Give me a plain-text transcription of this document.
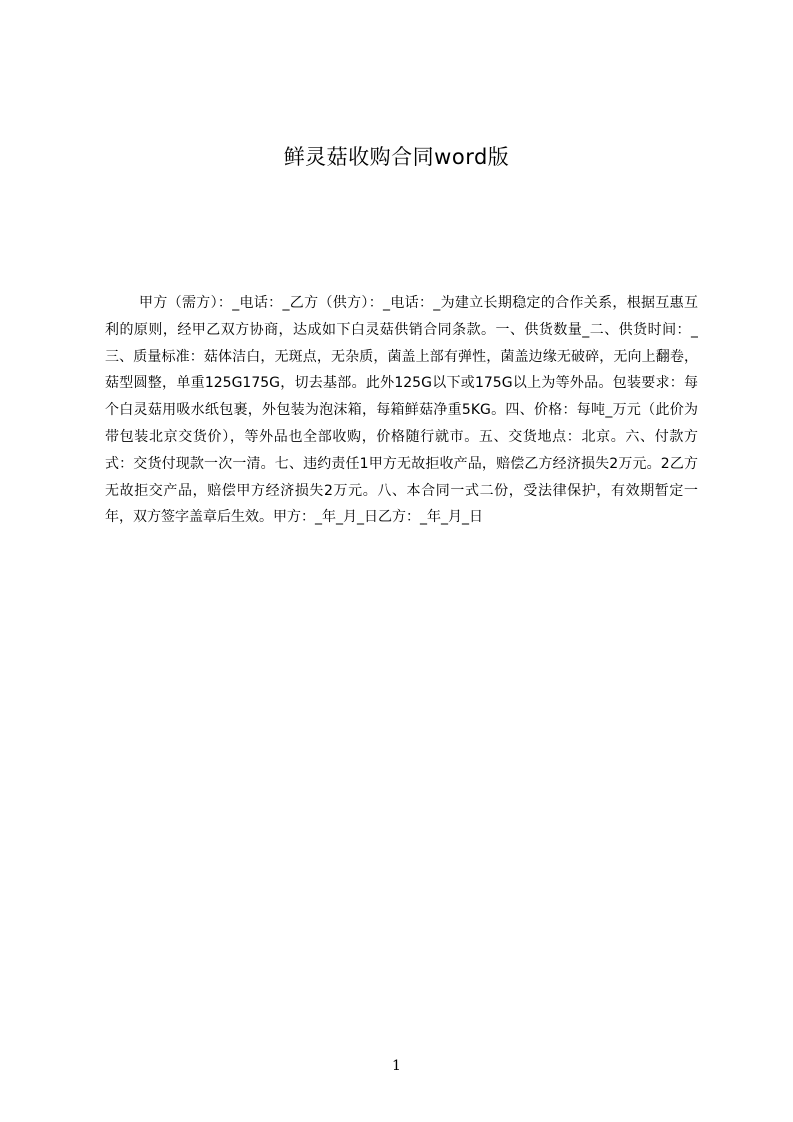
鲜灵菇收购合同word版

甲方（需方）：_电话：_乙方（供方）：_电话：_为建立长期稳定的合作关系，根据互惠互利的原则，经甲乙双方协商，达成如下白灵菇供销合同条款。一、供货数量_二、供货时间：_三、质量标准：菇体洁白，无斑点，无杂质，菌盖上部有弹性，菌盖边缘无破碎，无向上翻卷，菇型圆整，单重125G175G，切去基部。此外125G以下或175G以上为等外品。包装要求：每个白灵菇用吸水纸包裹，外包装为泡沫箱，每箱鲜菇净重5KG。四、价格：每吨_万元（此价为带包装北京交货价），等外品也全部收购，价格随行就市。五、交货地点：北京。六、付款方式：交货付现款一次一清。七、违约责任1甲方无故拒收产品，赔偿乙方经济损失2万元。2乙方无故拒交产品，赔偿甲方经济损失2万元。八、本合同一式二份，受法律保护，有效期暂定一年，双方签字盖章后生效。甲方：_年_月_日乙方：_年_月_日

1
